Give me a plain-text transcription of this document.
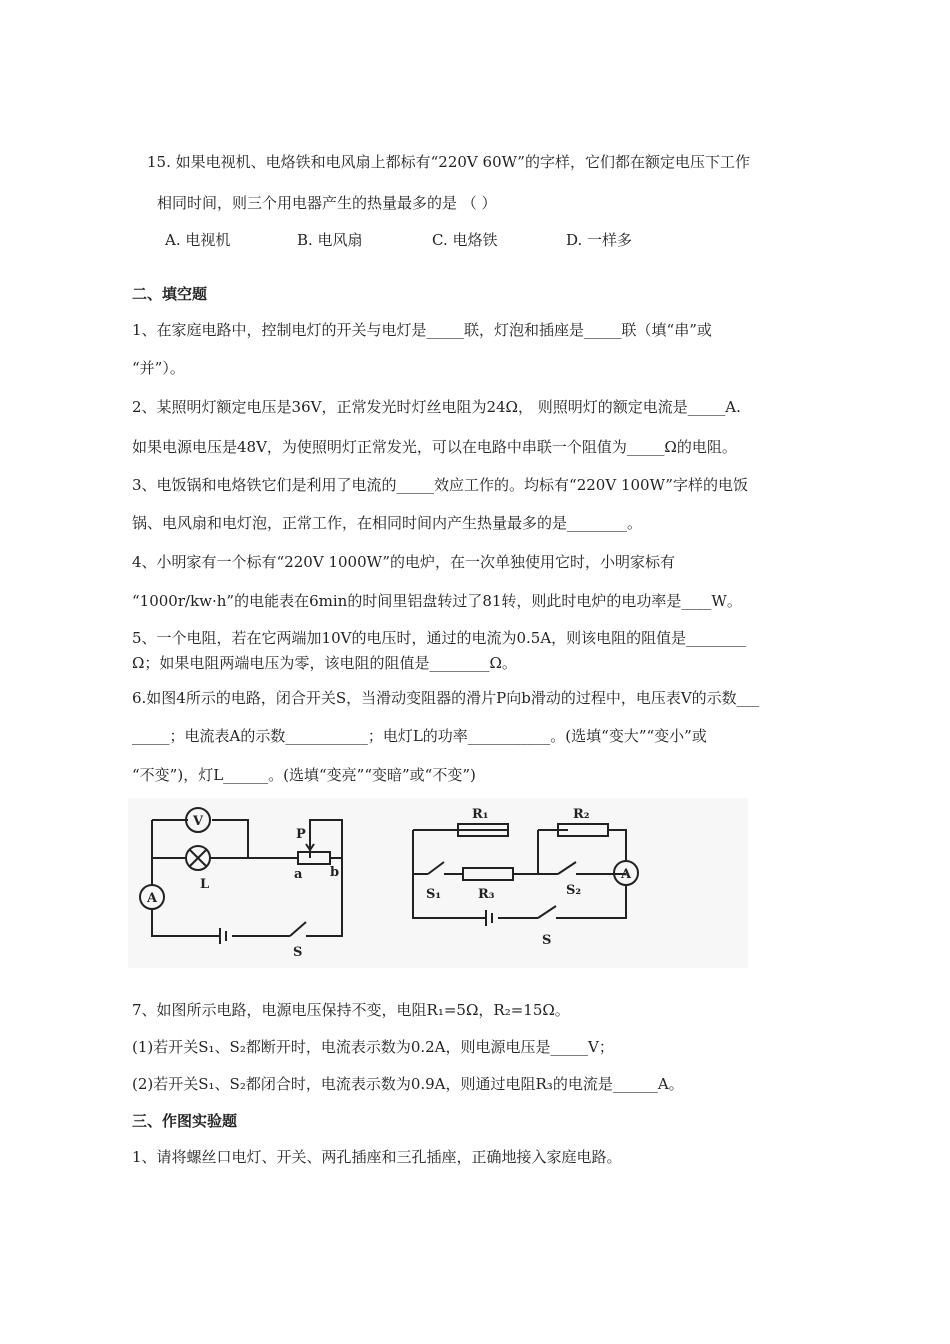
15. 如果电视机、电烙铁和电风扇上都标有“220V 60W”的字样，它们都在额定电压下工作
相同时间，则三个用电器产生的热量最多的是 （ ）
A. 电视机	B. 电风扇	C. 电烙铁	D. 一样多
二、填空题
1、在家庭电路中，控制电灯的开关与电灯是_____联，灯泡和插座是_____联（填“串”或
“并”）。
2、某照明灯额定电压是36V，正常发光时灯丝电阻为24Ω， 则照明灯的额定电流是_____A.
如果电源电压是48V，为使照明灯正常发光，可以在电路中串联一个阻值为_____Ω的电阻。
3、电饭锅和电烙铁它们是利用了电流的_____效应工作的。均标有“220V 100W”字样的电饭
锅、电风扇和电灯泡，正常工作，在相同时间内产生热量最多的是________。
4、小明家有一个标有“220V 1000W”的电炉，在一次单独使用它时，小明家标有
“1000r/kw·h”的电能表在6min的时间里铝盘转过了81转，则此时电炉的电功率是____W。
5、一个电阻，若在它两端加10V的电压时，通过的电流为0.5A，则该电阻的阻值是________
Ω；如果电阻两端电压为零，该电阻的阻值是________Ω。
6.如图4所示的电路，闭合开关S，当滑动变阻器的滑片P向b滑动的过程中，电压表V的示数___
_____；电流表A的示数___________；电灯L的功率___________。(选填“变大”“变小”或
“不变”)，灯L______。(选填“变亮”“变暗”或“不变”)
V
A
P
a b
L
S
R₁	R₂
R₃
S₁	S₂
A
S
7、如图所示电路，电源电压保持不变，电阻R₁=5Ω，R₂=15Ω。
(1)若开关S₁、S₂都断开时，电流表示数为0.2A，则电源电压是_____V；
(2)若开关S₁、S₂都闭合时，电流表示数为0.9A，则通过电阻R₃的电流是______A。
三、作图实验题
1、请将螺丝口电灯、开关、两孔插座和三孔插座，正确地接入家庭电路。
